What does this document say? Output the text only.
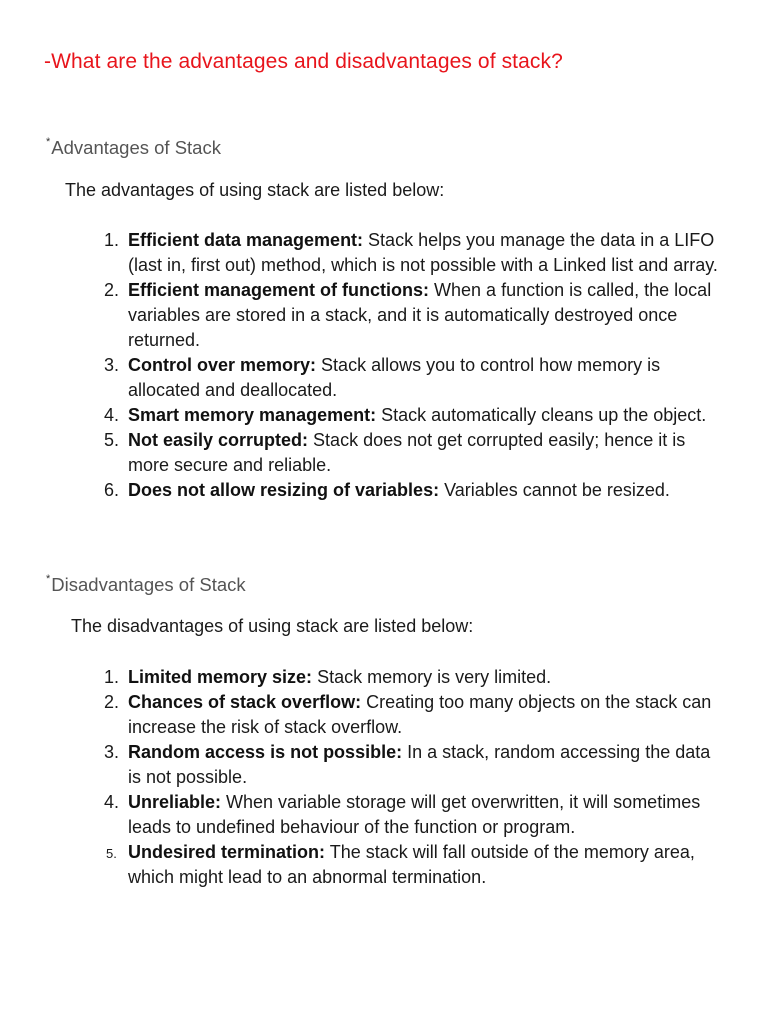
-What are the advantages and disadvantages of stack?
*Advantages of Stack

The advantages of using stack are listed below:

1. Efficient data management: Stack helps you manage the data in a LIFO (last in, first out) method, which is not possible with a Linked list and array.
2. Efficient management of functions: When a function is called, the local variables are stored in a stack, and it is automatically destroyed once returned.
3. Control over memory: Stack allows you to control how memory is allocated and deallocated.
4. Smart memory management: Stack automatically cleans up the object.
5. Not easily corrupted: Stack does not get corrupted easily; hence it is more secure and reliable.
6. Does not allow resizing of variables: Variables cannot be resized.
*Disadvantages of Stack

The disadvantages of using stack are listed below:

1. Limited memory size: Stack memory is very limited.
2. Chances of stack overflow: Creating too many objects on the stack can increase the risk of stack overflow.
3. Random access is not possible: In a stack, random accessing the data is not possible.
4. Unreliable: When variable storage will get overwritten, it will sometimes leads to undefined behaviour of the function or program.
5. Undesired termination: The stack will fall outside of the memory area, which might lead to an abnormal termination.
